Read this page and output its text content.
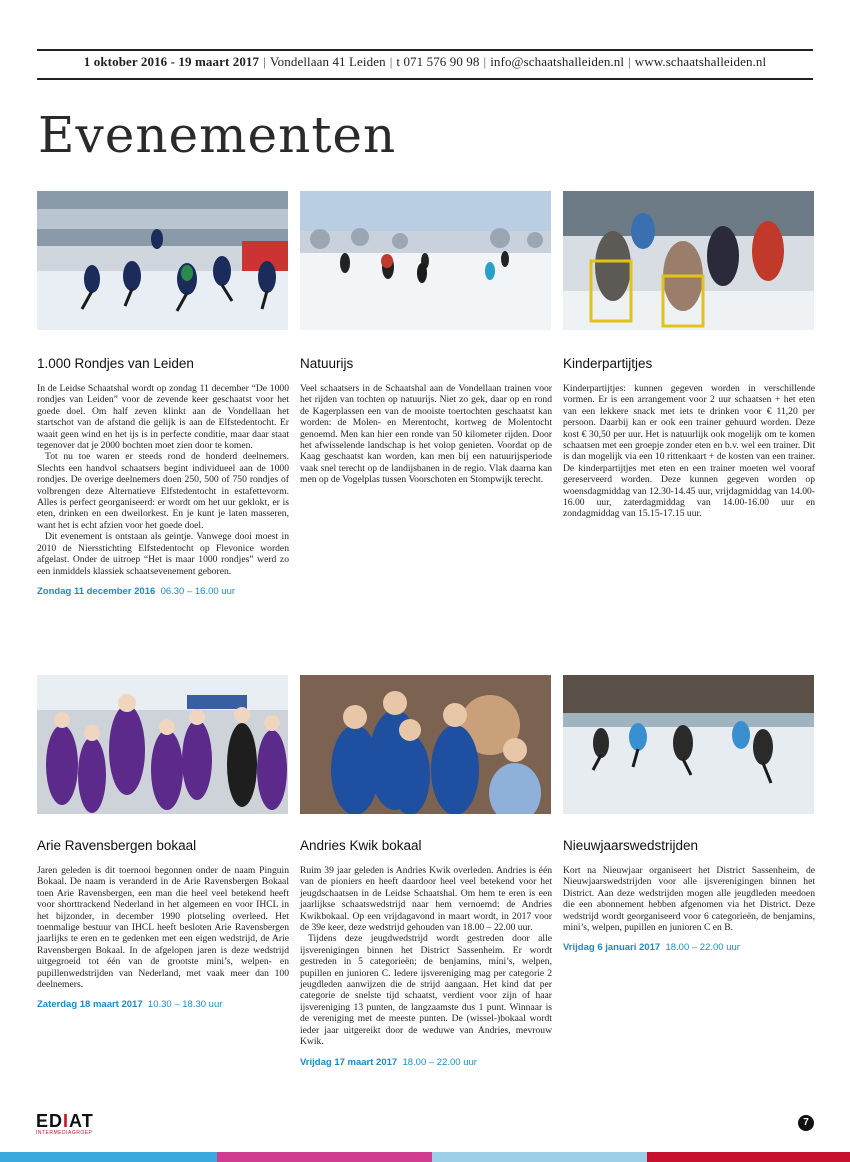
1 oktober 2016 - 19 maart 2017 | Vondellaan 41 Leiden | t 071 576 90 98 | info@schaatshalleiden.nl | www.schaatshalleiden.nl
Evenementen
1.000 Rondjes van Leiden

In de Leidse Schaatshal wordt op zondag 11 december “De 1000 rondjes van Leiden” voor de zevende keer geschaatst voor het goede doel. Om half zeven klinkt aan de Vondellaan het startschot van de afstand die gelijk is aan de Elfstedentocht. Er waait geen wind en het ijs is in perfecte conditie, maar daar staat tegenover dat je 2000 bochten moet zien door te komen.

Tot nu toe waren er steeds rond de honderd deelnemers. Slechts een handvol schaatsers begint individueel aan de 1000 rondjes. De overige deelnemers doen 250, 500 of 750 rondjes of volbrengen deze Alternatieve Elfstedentocht in estafettevorm. Alles is perfect georganiseerd: er wordt om het uur geklokt, er is eten, drinken en een dweilorkest. En je kunt je laten masseren, want het is echt afzien voor het goede doel.

Dit evenement is ontstaan als geintje. Vanwege dooi moest in 2010 de Niersstichting Elfstedentocht op Flevonice worden afgelast. Onder de uitroep “Het is maar 1000 rondjes” werd zo een inmiddels klassiek schaatsevenement geboren.

Zondag 11 december 2016 06.30 – 16.00 uur
Natuurijs

Veel schaatsers in de Schaatshal aan de Vondellaan trainen voor het rijden van tochten op natuurijs. Niet zo gek, daar op en rond de Kagerplassen een van de mooiste toertochten geschaatst kan worden: de Molen- en Merentocht, kortweg de Molentocht genoemd. Men kan hier een ronde van 50 kilometer rijden. Door het afwisselende landschap is het volop genieten. Voordat op de Kaag geschaatst kan worden, kan men bij een natuurijsperiode vaak snel terecht op de landijsbanen in de regio. Vlak daarna kan men op de Vogelplas tussen Voorschoten en Stompwijk terecht.

Kinderpartijtjes

Kinderpartijtjes: kunnen gegeven worden in verschillende vormen. Er is een arrangement voor 2 uur schaatsen + het eten van een lekkere snack met iets te drinken voor € 11,20 per persoon. Daarbij kan er ook een trainer gehuurd worden. Deze kost € 30,50 per uur. Het is natuurlijk ook mogelijk om te komen schaatsen met een groepje zonder eten en b.v. wel een trainer. Dit is dan mogelijk via een 10 rittenkaart + de kosten van een trainer. De kinderpartijtjes met eten en een trainer moeten wel vooraf gereserveerd worden. Deze kunnen gegeven worden op woensdagmiddag van 12.30-14.45 uur, vrijdagmiddag van 14.00-16.00 uur, zaterdagmiddag van 14.00-16.00 uur en zondagmiddag van 15.15-17.15 uur.

Arie Ravensbergen bokaal

Jaren geleden is dit toernooi begonnen onder de naam Pinguin Bokaal. De naam is veranderd in de Arie Ravensbergen Bokaal toen Arie Ravensbergen, een man die heel veel betekend heeft voor shorttrackend Nederland in het algemeen en voor IHCL in het bijzonder, in december 1990 plotseling overleed. Het toenmalige bestuur van IHCL heeft besloten Arie Ravensbergen jaarlijks te eren en te gedenken met een eigen wedstrijd, de Arie Ravensbergen Bokaal. In de afgelopen jaren is deze wedstrijd uitgegroeid tot één van de grootste mini’s, welpen- en pupillenwedstrijden van Nederland, met vaak meer dan 100 deelnemers.

Zaterdag 18 maart 2017 10.30 – 18.30 uur
Andries Kwik bokaal

Ruim 39 jaar geleden is Andries Kwik overleden. Andries is één van de pioniers en heeft daardoor heel veel betekend voor het jeugdschaatsen in de Leidse Schaatshal. Om hem te eren is een jaarlijkse schaatswedstrijd naar hem vernoemd: de Andries Kwikbokaal. Op een vrijdagavond in maart wordt, in 2017 voor de 39e keer, deze wedstrijd gehouden van 18.00 – 22.00 uur.

Tijdens deze jeugdwedstrijd wordt gestreden door alle ijsverenigingen binnen het District Sassenheim. Er wordt gestreden in 5 categorieën; de benjamins, mini’s, welpen, pupillen en junioren C. Iedere ijsvereniging mag per categorie 2 jeugdleden aanwijzen die de strijd aangaan. Het kind dat per categorie de snelste tijd schaatst, verdient voor zijn of haar ijsvereniging 13 punten, de langzaamste dus 1 punt. Winnaar is de vereniging met de meeste punten. De (wissel-)bokaal wordt ieder jaar uitgereikt door de weduwe van Andries, mevrouw Kwik.

Vrijdag 17 maart 2017 18.00 – 22.00 uur
Nieuwjaarswedstrijden

Kort na Nieuwjaar organiseert het District Sassenheim, de Nieuwjaarswedstrijden voor alle ijsverenigingen binnen het District. Aan deze wedstrijden mogen alle jeugdleden meedoen die een abonnement hebben afgenomen via het District. Deze wedstrijd wordt georganiseerd voor 6 categorieën, de benjamins, mini’s, welpen, pupillen en junioren C en B.

Vrijdag 6 januari 2017 18.00 – 22.00 uur
EDIAT
INTERMEDIAGROEP
7
